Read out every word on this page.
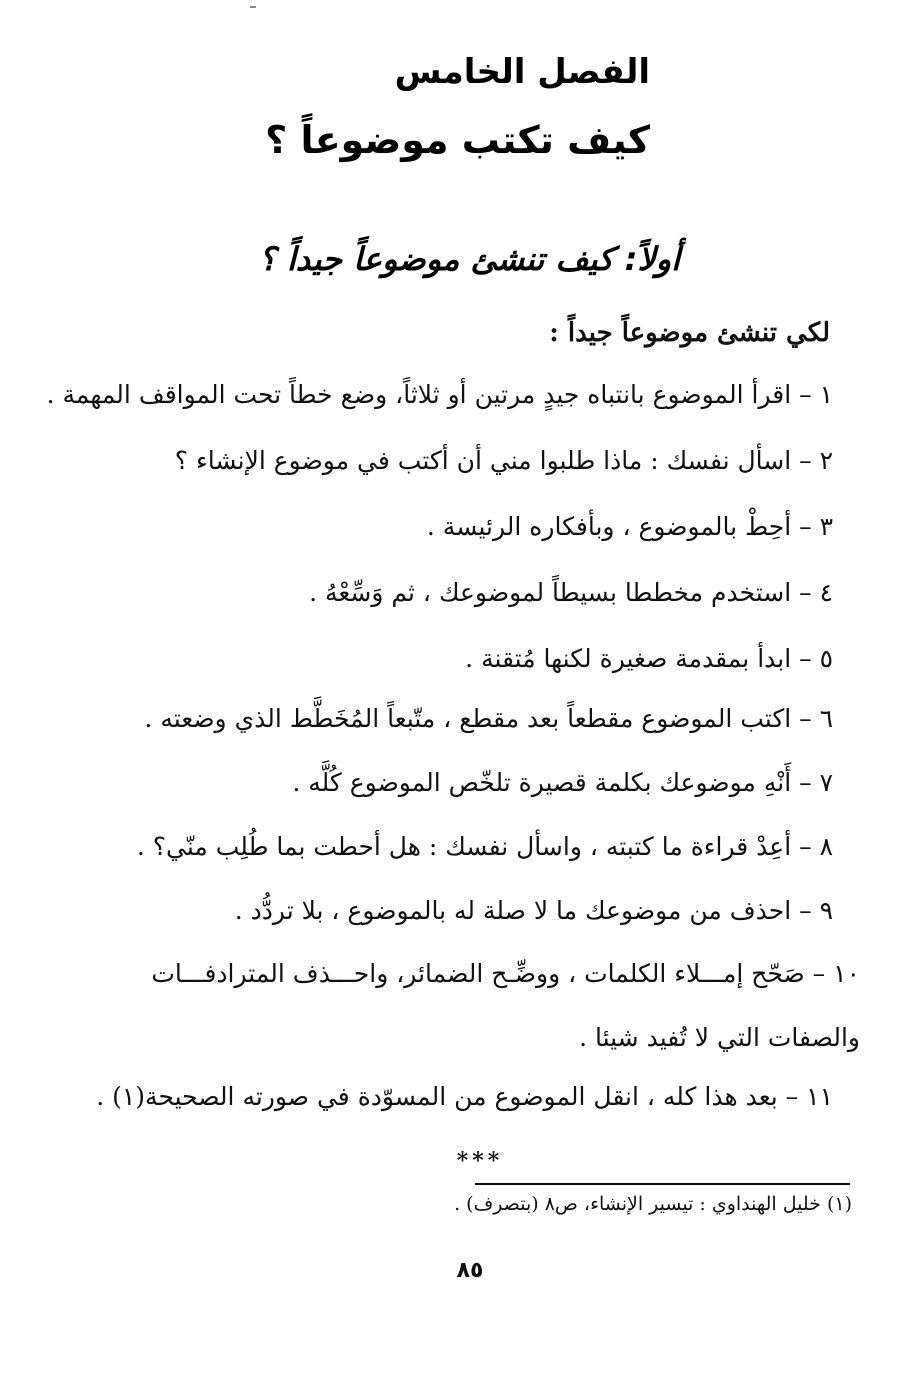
الفصل الخامس
كيف تكتب موضوعاً ؟
أولاً: كيف تنشئ موضوعاً جيداً ؟
لكي تنشئ موضوعاً جيداً :
١ – اقرأ الموضوع بانتباه جيدٍ مرتين أو ثلاثاً، وضع خطاً تحت المواقف المهمة .
٢ – اسأل نفسك : ماذا طلبوا مني أن أكتب في موضوع الإنشاء ؟
٣ – أحِطْ بالموضوع ، وبأفكاره الرئيسة .
٤ – استخدم مخططا بسيطاً لموضوعك ، ثم وَسِّعْهُ .
٥ – ابدأ بمقدمة صغيرة لكنها مُتقنة .
٦ – اكتب الموضوع مقطعاً بعد مقطع ، متّبعاً المُخَطَّط الذي وضعته .
٧ – أَنْهِ موضوعك بكلمة قصيرة تلخّص الموضوع كُلَّه .
٨ – أعِدْ قراءة ما كتبته ، واسأل نفسك : هل أحطت بما طُلِب منّي؟ .
٩ – احذف من موضوعك ما لا صلة له بالموضوع ، بلا تردُّد .
١٠ – صَحّح إمـــلاء الكلمات ، ووضِّـح الضمائر، واحـــذف المترادفـــات والصفات التي لا تُفيد شيئا .
١١ – بعد هذا كله ، انقل الموضوع من المسوّدة في صورته الصحيحة(١) .
***
(١) خليل الهنداوي : تيسير الإنشاء، ص٨ (بتصرف) .
٨٥
